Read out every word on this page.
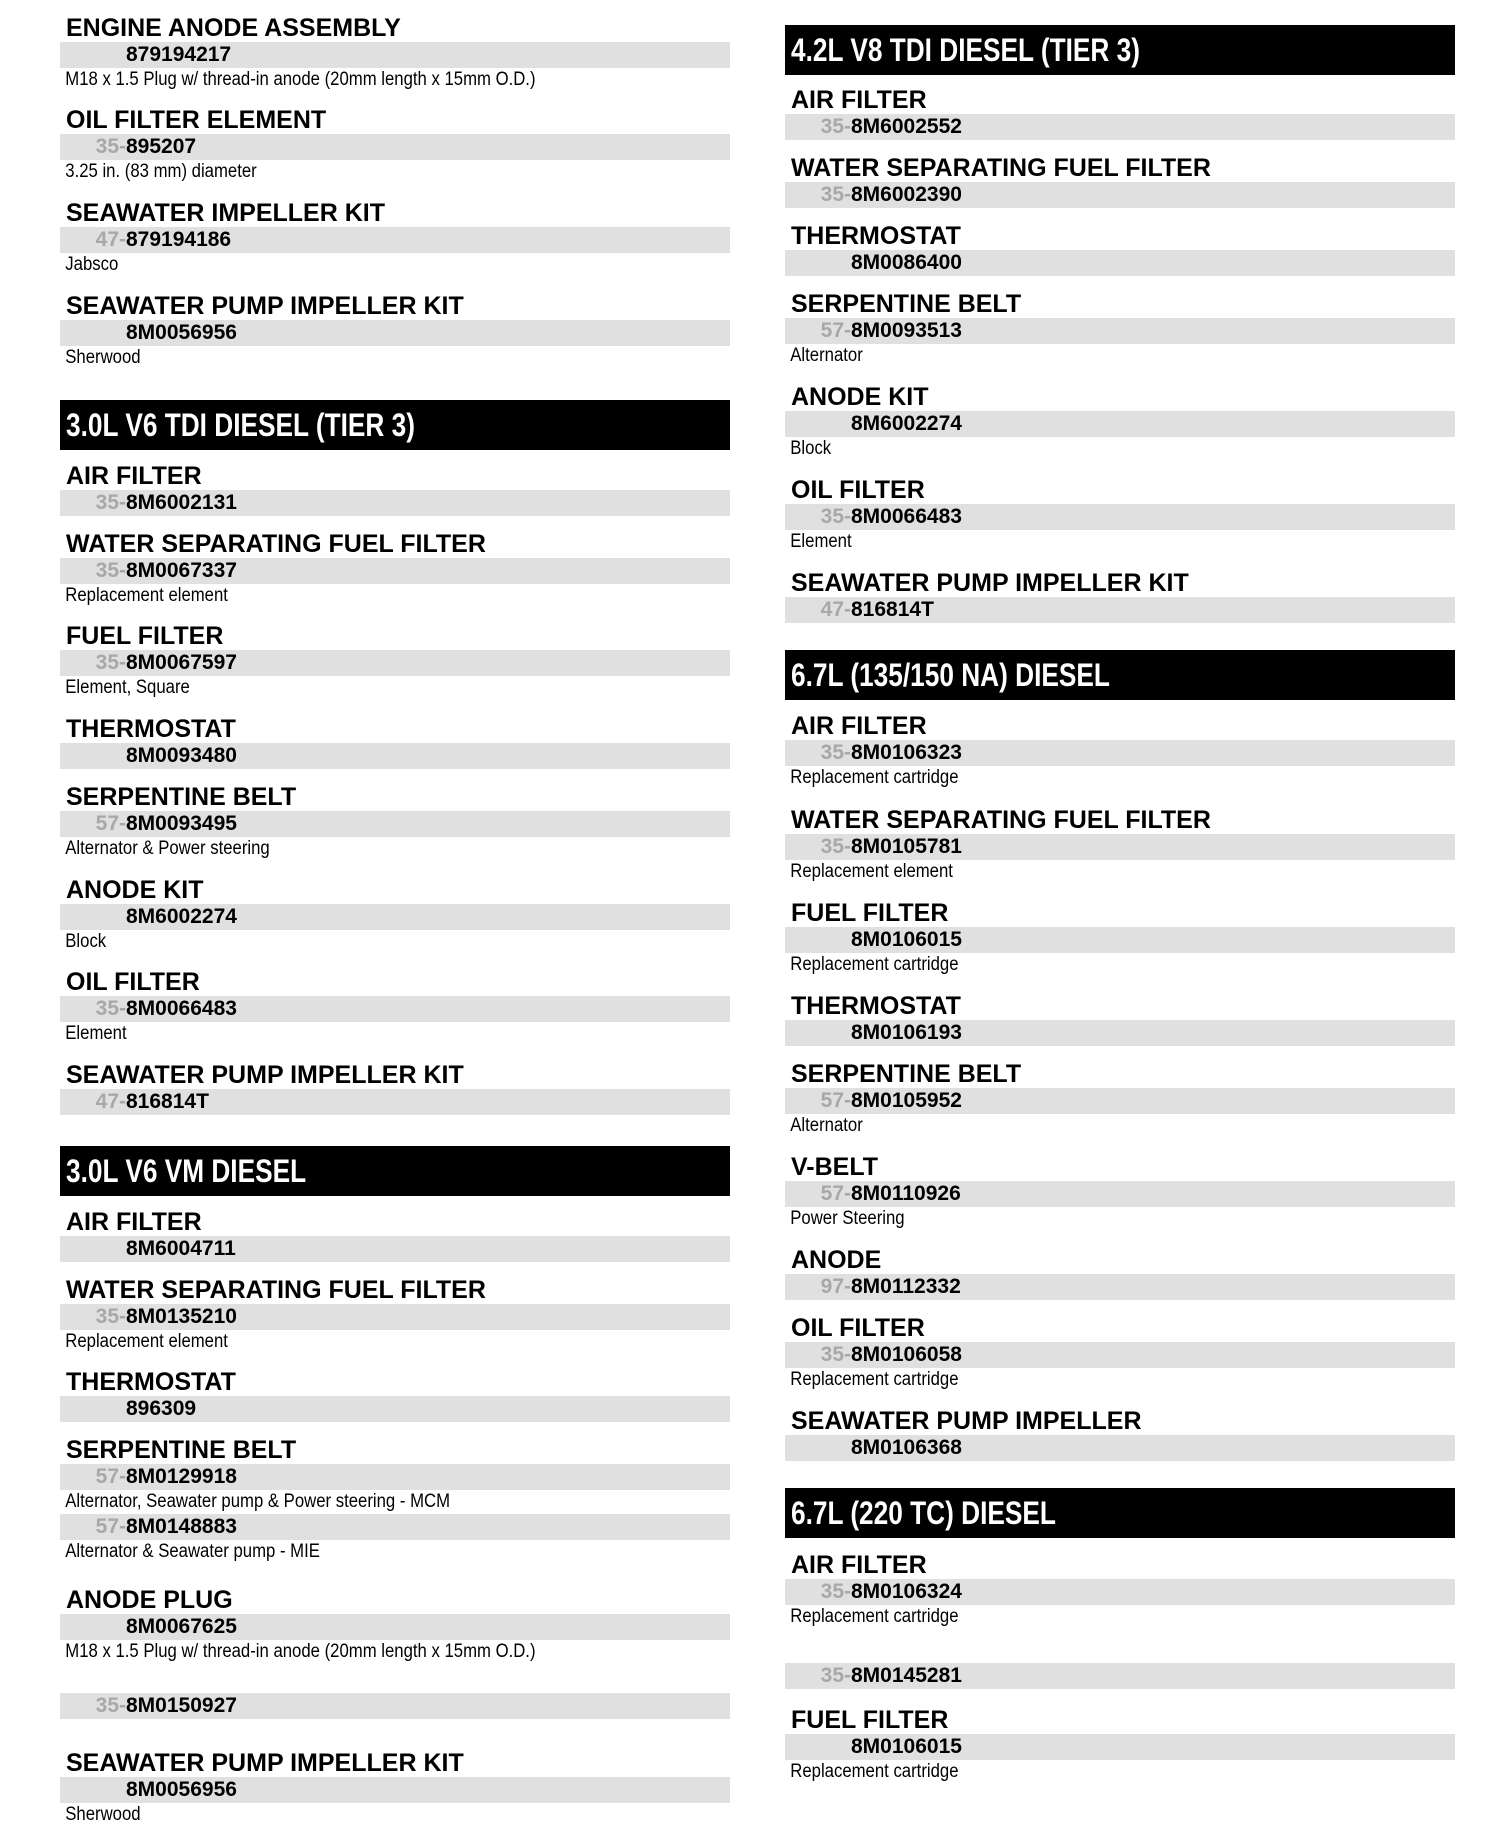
ENGINE ANODE ASSEMBLY
879194217
M18 x 1.5 Plug w/ thread-in anode (20mm length x 15mm O.D.)
OIL FILTER ELEMENT
35-895207
3.25 in. (83 mm) diameter
SEAWATER IMPELLER KIT
47-879194186
Jabsco
SEAWATER PUMP IMPELLER KIT
8M0056956
Sherwood
3.0L V6 TDI DIESEL (TIER 3)
AIR FILTER
35-8M6002131
WATER SEPARATING FUEL FILTER
35-8M0067337
Replacement element
FUEL FILTER
35-8M0067597
Element, Square
THERMOSTAT
8M0093480
SERPENTINE BELT
57-8M0093495
Alternator & Power steering
ANODE KIT
8M6002274
Block
OIL FILTER
35-8M0066483
Element
SEAWATER PUMP IMPELLER KIT
47-816814T
3.0L V6 VM DIESEL
AIR FILTER
8M6004711
WATER SEPARATING FUEL FILTER
35-8M0135210
Replacement element
THERMOSTAT
896309
SERPENTINE BELT
57-8M0129918
Alternator, Seawater pump & Power steering - MCM
57-8M0148883
Alternator & Seawater pump - MIE
ANODE PLUG
8M0067625
M18 x 1.5 Plug w/ thread-in anode (20mm length x 15mm O.D.)
35-8M0150927
SEAWATER PUMP IMPELLER KIT
8M0056956
Sherwood
4.2L V8 TDI DIESEL (TIER 3)
AIR FILTER
35-8M6002552
WATER SEPARATING FUEL FILTER
35-8M6002390
THERMOSTAT
8M0086400
SERPENTINE BELT
57-8M0093513
Alternator
ANODE KIT
8M6002274
Block
OIL FILTER
35-8M0066483
Element
SEAWATER PUMP IMPELLER KIT
47-816814T
6.7L (135/150 NA) DIESEL
AIR FILTER
35-8M0106323
Replacement cartridge
WATER SEPARATING FUEL FILTER
35-8M0105781
Replacement element
FUEL FILTER
8M0106015
Replacement cartridge
THERMOSTAT
8M0106193
SERPENTINE BELT
57-8M0105952
Alternator
V-BELT
57-8M0110926
Power Steering
ANODE
97-8M0112332
OIL FILTER
35-8M0106058
Replacement cartridge
SEAWATER PUMP IMPELLER
8M0106368
6.7L (220 TC) DIESEL
AIR FILTER
35-8M0106324
Replacement cartridge
35-8M0145281
FUEL FILTER
8M0106015
Replacement cartridge
